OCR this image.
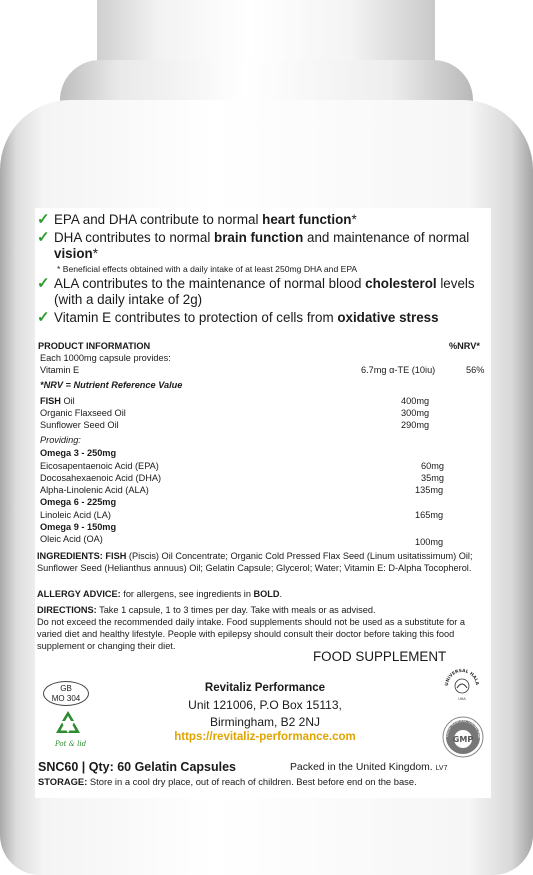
✓ EPA and DHA contribute to normal heart function*
✓ DHA contributes to normal brain function and maintenance of normal vision*
* Beneficial effects obtained with a daily intake of at least 250mg DHA and EPA
✓ ALA contributes to the maintenance of normal blood cholesterol levels (with a daily intake of 2g)
✓ Vitamin E contributes to protection of cells from oxidative stress
PRODUCT INFORMATION	%NRV*
Each 1000mg capsule provides:
Vitamin E	6.7mg α-TE (10iu)	56%
*NRV = Nutrient Reference Value
FISH Oil	400mg
Organic Flaxseed Oil	300mg
Sunflower Seed Oil	290mg
Providing:
Omega 3 - 250mg
Eicosapentaenoic Acid (EPA)	60mg
Docosahexaenoic Acid (DHA)	35mg
Alpha-Linolenic Acid (ALA)	135mg
Omega 6 - 225mg
Linoleic Acid (LA)	165mg
Omega 9 - 150mg
Oleic Acid (OA)	100mg
INGREDIENTS: FISH (Piscis) Oil Concentrate; Organic Cold Pressed Flax Seed (Linum usitatissimum) Oil; Sunflower Seed (Helianthus annuus) Oil; Gelatin Capsule; Glycerol; Water; Vitamin E: D-Alpha Tocopherol.
ALLERGY ADVICE: for allergens, see ingredients in BOLD.
DIRECTIONS: Take 1 capsule, 1 to 3 times per day. Take with meals or as advised.
Do not exceed the recommended daily intake. Food supplements should not be used as a substitute for a varied diet and healthy lifestyle. People with epilepsy should consult their doctor before taking this food supplement or changing their diet.
FOOD SUPPLEMENT
GB
MO 304
Pot & lid
Revitaliz Performance
Unit 121006, P.O Box 15113,
Birmingham, B2 2NJ
https://revitaliz-performance.com
UNIVERSAL HALA
UHA
GOOD MANUFACTURING PRA
GMP
SNC60 | Qty: 60 Gelatin Capsules	Packed in the United Kingdom. LV7
STORAGE: Store in a cool dry place, out of reach of children. Best before end on the base.
